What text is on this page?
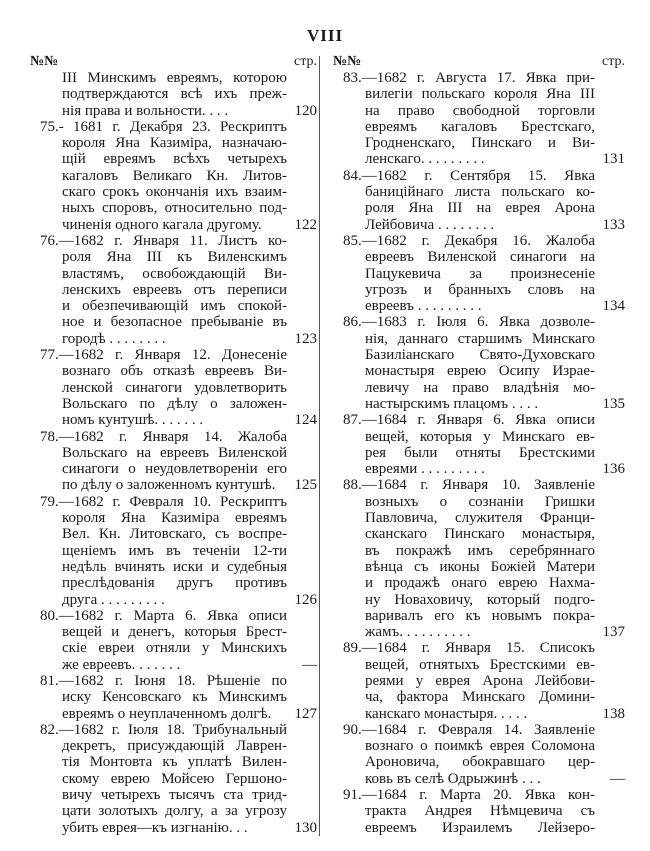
VIII
№№	стр.
III Минскимъ евреямъ, которою
подтверждаются всѣ ихъ преж-
нія права и вольности. . . .	120
75.- 1681 г. Декабря 23. Рескриптъ
короля Яна Казиміра, назначаю-
щій евреямъ всѣхъ четырехъ
кагаловъ Великаго Кн. Литов-
скаго срокъ окончанія ихъ взаим-
ныхъ споровъ, относительно под-
чиненія одного кагала другому.	122
76.—1682 г. Января 11. Листъ ко-
роля Яна III къ Виленскимъ
властямъ, освобождающій Ви-
ленскихъ евреевъ отъ переписи
и обезпечивающій имъ спокой-
ное и безопасное пребываніе въ
городѣ . . . . . . . .	123
77.—1682 г. Января 12. Донесеніе
вознаго объ отказѣ евреевъ Ви-
ленской синагоги удовлетворить
Вольскаго по дѣлу о заложен-
номъ кунтушѣ. . . . . . .	124
78.—1682 г. Января 14. Жалоба
Вольскаго на евреевъ Виленской
синагоги о неудовлетвореніи его
по дѣлу о заложенномъ кунтушѣ.	125
79.—1682 г. Февраля 10. Рескриптъ
короля Яна Казиміра евреямъ
Вел. Кн. Литовскаго, съ воспре-
щеніемъ имъ въ теченіи 12-ти
недѣль вчинять иски и судебныя
преслѣдованія другъ противъ
друга . . . . . . . . .	126
80.—1682 г. Марта 6. Явка описи
вещей и денегъ, которыя Брест-
скіе евреи отняли у Минскихъ
же евреевъ. . . . . . .	—
81.—1682 г. Іюня 18. Рѣшеніе по
иску Кенсовскаго къ Минскимъ
евреямъ о неуплаченномъ долгѣ.	127
82.—1682 г. Іюля 18. Трибунальный
декретъ, присуждающій Лаврен-
тія Монтовта къ уплатѣ Вилен-
скому еврею Мойсею Гершоно-
вичу четырехъ тысячъ ста трид-
цати золотыхъ долгу, а за угрозу
убить еврея—къ изгнанію. . .	130
№№	стр.
83.—1682 г. Августа 17. Явка при-
вилегіи польскаго короля Яна III
на право свободной торговли
евреямъ кагаловъ Брестскаго,
Гродненскаго, Пинскаго и Ви-
ленскаго. . . . . . . . .	131
84.—1682 г. Сентября 15. Явка
баниційнаго листа польскаго ко-
роля Яна III на еврея Арона
Лейбовича . . . . . . . .	133
85.—1682 г. Декабря 16. Жалоба
евреевъ Виленской синагоги на
Пацукевича за произнесеніе
угрозъ и бранныхъ словъ на
евреевъ . . . . . . . . .	134
86.—1683 г. Іюля 6. Явка дозволе-
нія, даннаго старшимъ Минскаго
Базиліанскаго Свято-Духовскаго
монастыря еврею Осипу Израе-
левичу на право владѣнія мо-
настырскимъ плацомъ . . . .	135
87.—1684 г. Января 6. Явка описи
вещей, которыя у Минскаго ев-
рея были отняты Брестскими
евреями . . . . . . . . .	136
88.—1684 г. Января 10. Заявленіе
возныхъ о сознаніи Гришки
Павловича, служителя Франци-
сканскаго Пинскаго монастыря,
въ покражѣ имъ серебряннаго
вѣнца съ иконы Божіей Матери
и продажѣ онаго еврею Нахма-
ну Новаховичу, который подго-
варивалъ его къ новымъ покра-
жамъ. . . . . . . . . .	137
89.—1684 г. Января 15. Списокъ
вещей, отнятыхъ Брестскими ев-
реями у еврея Арона Лейбови-
ча, фактора Минскаго Домини-
канскаго монастыря. . . . .	138
90.—1684 г. Февраля 14. Заявленіе
вознаго о поимкѣ еврея Соломона
Ароновича, обокравшаго цер-
ковь въ селѣ Одрыжинѣ . . .	—
91.—1684 г. Марта 20. Явка кон-
тракта Андрея Нѣмцевича съ
евреемъ Израилемъ Лейзеро-
